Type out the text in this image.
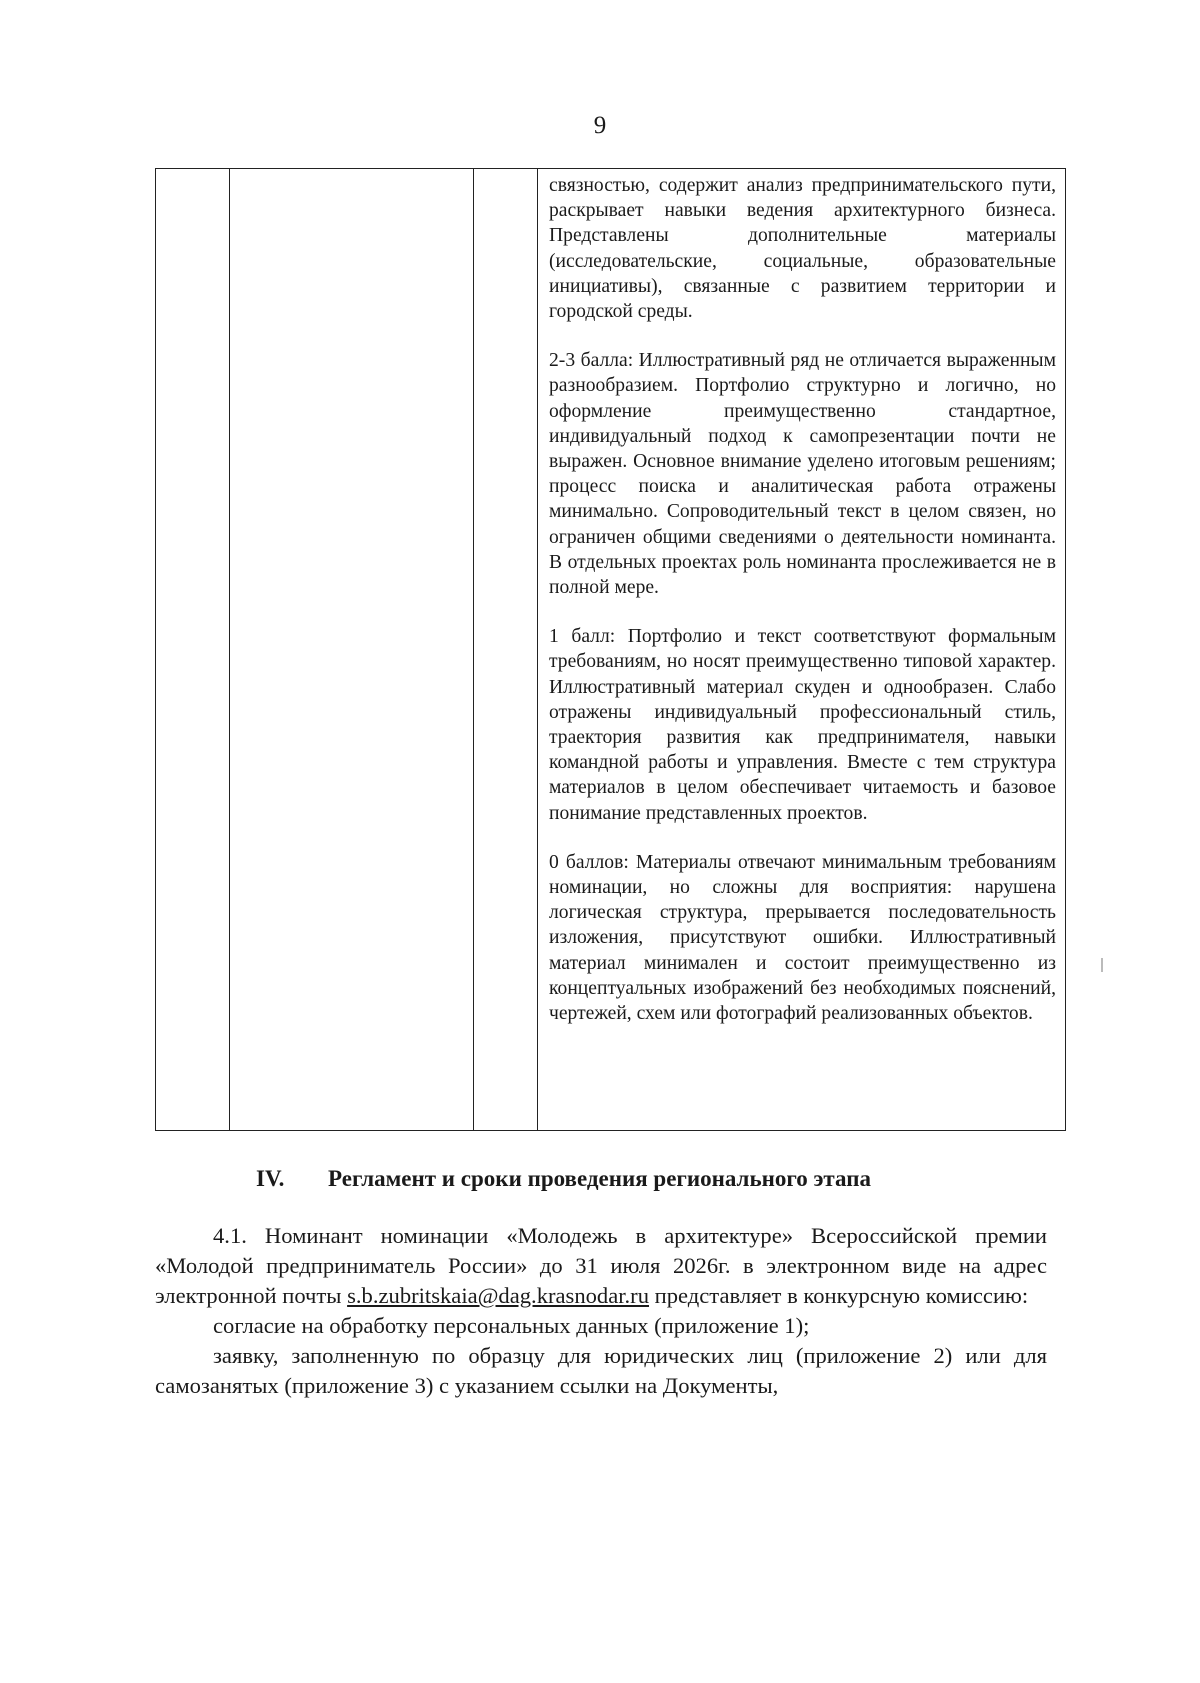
9

связностью, содержит анализ предпринимательского пути, раскрывает навыки ведения архитектурного бизнеса. Представлены дополнительные материалы (исследовательские, социальные, образовательные инициативы), связанные с развитием территории и городской среды.

2-3 балла: Иллюстративный ряд не отличается выраженным разнообразием. Портфолио структурно и логично, но оформление преимущественно стандартное, индивидуальный подход к самопрезентации почти не выражен. Основное внимание уделено итоговым решениям; процесс поиска и аналитическая работа отражены минимально. Сопроводительный текст в целом связен, но ограничен общими сведениями о деятельности номинанта. В отдельных проектах роль номинанта прослеживается не в полной мере.

1 балл: Портфолио и текст соответствуют формальным требованиям, но носят преимущественно типовой характер. Иллюстративный материал скуден и однообразен. Слабо отражены индивидуальный профессиональный стиль, траектория развития как предпринимателя, навыки командной работы и управления. Вместе с тем структура материалов в целом обеспечивает читаемость и базовое понимание представленных проектов.

0 баллов: Материалы отвечают минимальным требованиям номинации, но сложны для восприятия: нарушена логическая структура, прерывается последовательность изложения, присутствуют ошибки. Иллюстративный материал минимален и состоит преимущественно из концептуальных изображений без необходимых пояснений, чертежей, схем или фотографий реализованных объектов.

IV. Регламент и сроки проведения регионального этапа

4.1. Номинант номинации «Молодежь в архитектуре» Всероссийской премии «Молодой предприниматель России» до 31 июля 2026г. в электронном виде на адрес электронной почты s.b.zubritskaia@dag.krasnodar.ru представляет в конкурсную комиссию:

согласие на обработку персональных данных (приложение 1);

заявку, заполненную по образцу для юридических лиц (приложение 2) или для самозанятых (приложение 3) с указанием ссылки на Документы,
